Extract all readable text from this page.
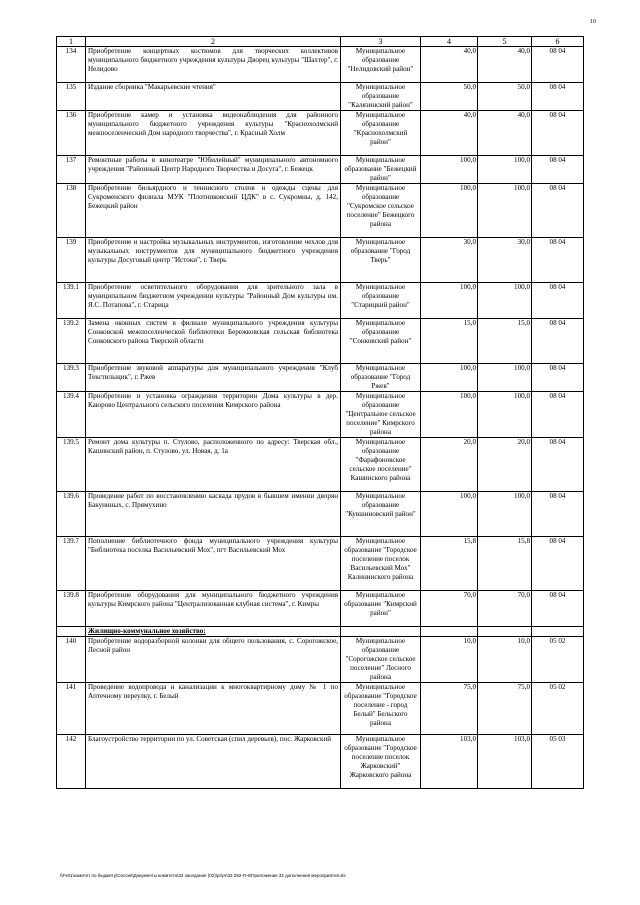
10
1	2	3	4	5	6
134	Приобретение концертных костюмов для творческих коллективов муниципального бюджетного учреждения культуры Дворец культуры "Шахтер", г. Нелидово	Муниципальное образование "Нелидовский район"	40,0	40,0	08 04
135	Издание сборника "Макарьевские чтения"	Муниципальное образование "Калязинский район"	50,0	50,0	08 04
136	Приобретение камер и установка видеонаблюдения для районного муниципального бюджетного учреждения культуры "Краснохолмский межпоселенческий Дом народного творчества", г. Красный Холм	Муниципальное образование "Краснохолмский район"	40,0	40,0	08 04
137	Ремонтные работы в кинотеатре "Юбилейный" муниципального автономного учреждения "Районный Центр Народного Творчества и Досуга", г. Бежецк	Муниципальное образование "Бежецкий район"	100,0	100,0	08 04
138	Приобретение бильярдного и теннисного столов и одежды сцены для Сукроменского филиала МУК "Плотниковский ЦДК" в с. Сукромны, д. 142, Бежецкий район	Муниципальное образование "Сукромское сельское поселение" Бежецкого района	100,0	100,0	08 04
139	Приобретение и настройка музыкальных инструментов, изготовление чехлов для музыкальных инструментов для муниципального бюджетного учреждения культуры Досуговый центр "Истоки", г. Тверь	Муниципальное образование "Город Тверь"	30,0	30,0	08 04
139.1	Приобретение осветительного оборудования для зрительного зала в муниципальном бюджетном учреждении культуры "Районный Дом культуры им. Я.С. Потапова", г. Старица	Муниципальное образование "Старицкий район"	100,0	100,0	08 04
139.2	Замена оконных систем в филиале муниципального учреждения культуры Сонковской межпоселенческой библиотеки Бережковская сельская библиотека Сонковского района Тверской области	Муниципальное образование "Сонковский район"	15,0	15,0	08 04
139.3	Приобретение звуковой аппаратуры для муниципального учреждения "Клуб Текстильщик", г. Ржев	Муниципальное образование "Город Ржев"	100,0	100,0	08 04
139.4	Приобретение и установка ограждения территории Дома культуры в дер. Каюрово Центрального сельского поселения Кимрского района	Муниципальное образование "Центральное сельское поселение" Кимрского района	100,0	100,0	08 04
139.5	Ремонт дома культуры п. Стулово, расположенного по адресу: Тверская обл., Кашинский район, п. Стулово, ул. Новая, д. 1а	Муниципальное образование "Фарафоновское сельское поселение" Кашинского района	20,0	20,0	08 04
139.6	Проведение работ по восстановлению каскада прудов в бывшем имении дворян Бакуниных, с. Прямухино	Муниципальное образование "Кувшиновский район"	100,0	100,0	08 04
139.7	Пополнение библиотечного фонда муниципального учреждения культуры "Библиотека поселка Васильевский Мох", пгт Васильевский Мох	Муниципальное образование "Городское поселение поселок Васильевский Мох" Калининского района	15,8	15,8	08 04
139.8	Приобретение оборудования для муниципального бюджетного учреждения культуры Кимрского района "Централизованная клубная система", г. Кимры	Муниципальное образование "Кимрский район"	70,0	70,0	08 04
	Жилищно-коммунальное хозяйство:				
140	Приобретение водоразборной колонки для общего пользования, с. Сорогожское, Лесной район	Муниципальное образование "Сорогожское сельское поселение" Лесного района	10,0	10,0	05 02
141	Проведение водопровода и канализации к многоквартирному дому № 1 по Аптечному переулку, г. Белый	Муниципальное образование "Городское поселение - город Белый" Бельского района	75,0	75,0	05 02
142	Благоустройство территории по ул. Советская (спил деревьев), пос. Жарковский	Муниципальное образование "Городское поселение поселок Жарковский" Жарковского района	103,0	103,0	05 03
\\Fs01\комитет по бюджету\Сессия\Документы комитета\33 заседание (02)\pr\pr\33 282-П-6\Приложение 32 дополнения мероприятия.xls
